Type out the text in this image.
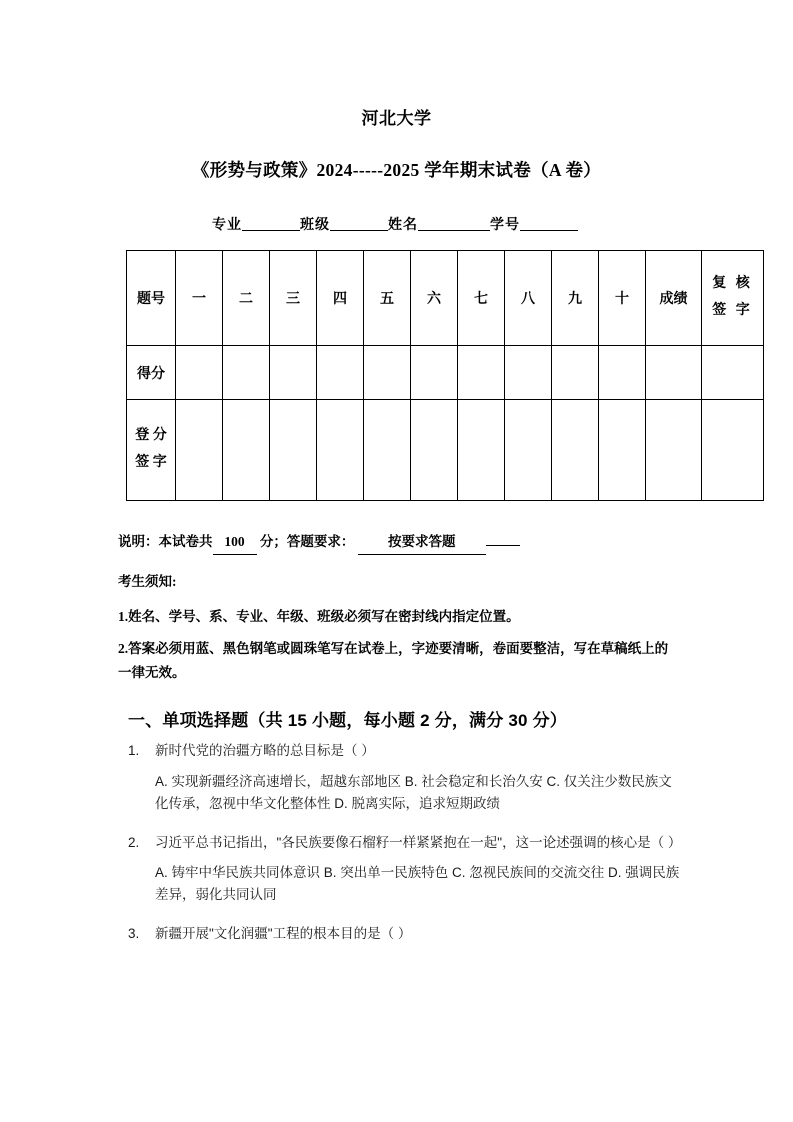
河北大学
《形势与政策》2024-----2025 学年期末试卷（A 卷）
专业	班级	姓名	学号
题号	一	二	三	四	五	六	七	八	九	十	成绩	复 核
签 字

得分												

登 分
签 字												

说明：本试卷共 100 分；答题要求： 按要求答题
考生须知:
1.姓名、学号、系、专业、年级、班级必须写在密封线内指定位置。
2.答案必须用蓝、黑色钢笔或圆珠笔写在试卷上，字迹要清晰，卷面要整洁，写在草稿纸上的一律无效。
一、单项选择题（共 15 小题，每小题 2 分，满分 30 分）
1.	新时代党的治疆方略的总目标是（ ）
A. 实现新疆经济高速增长，超越东部地区 B. 社会稳定和长治久安 C. 仅关注少数民族文化传承，忽视中华文化整体性 D. 脱离实际，追求短期政绩
2.	习近平总书记指出，"各民族要像石榴籽一样紧紧抱在一起"，这一论述强调的核心是（ ）
A. 铸牢中华民族共同体意识 B. 突出单一民族特色 C. 忽视民族间的交流交往 D. 强调民族差异，弱化共同认同
3.	新疆开展"文化润疆"工程的根本目的是（ ）
